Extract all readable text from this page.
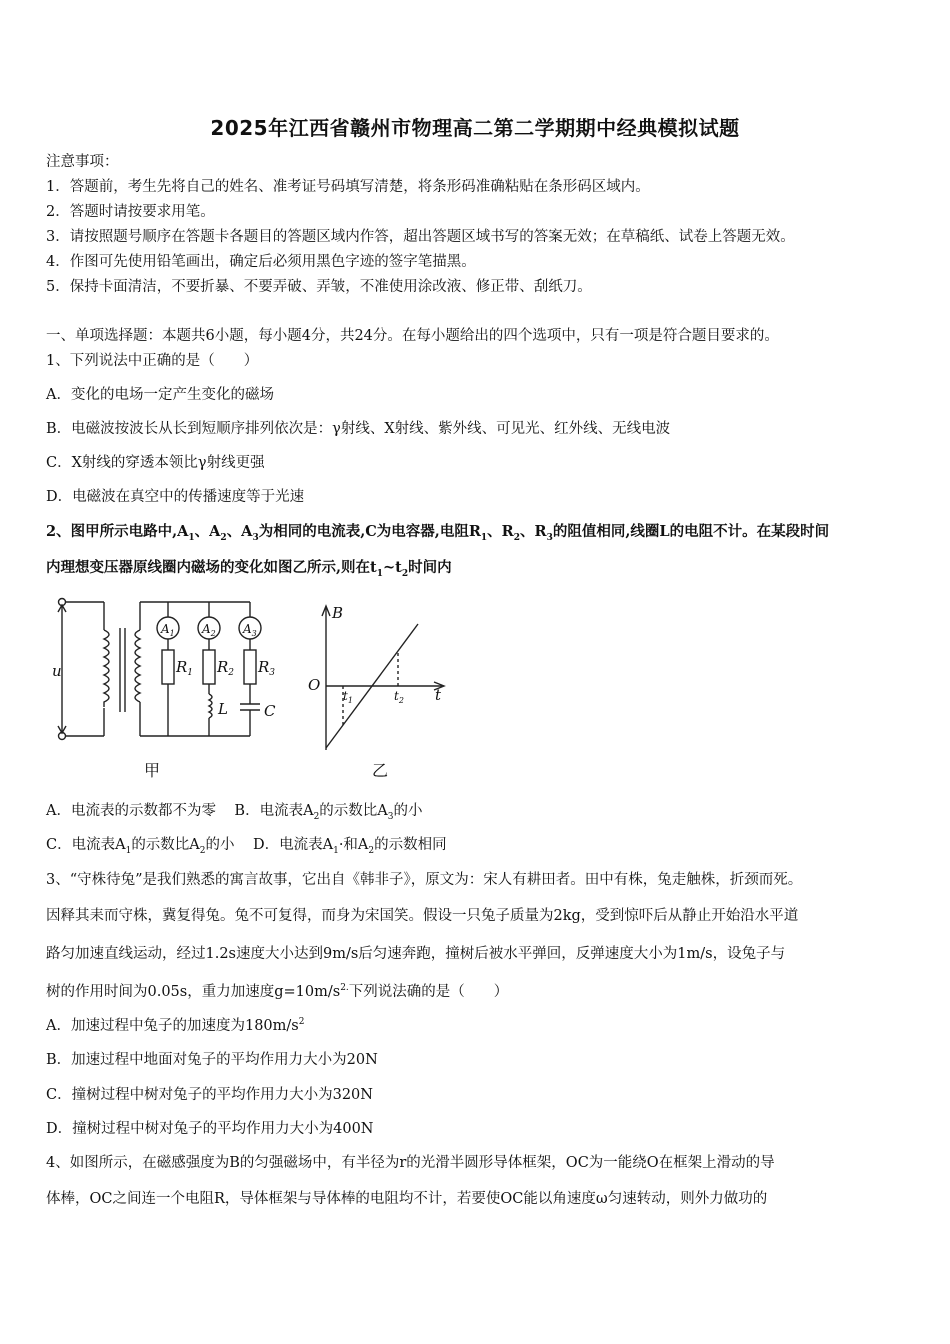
2025年江西省赣州市物理高二第二学期期中经典模拟试题
注意事项：
1．答题前，考生先将自己的姓名、准考证号码填写清楚，将条形码准确粘贴在条形码区域内。
2．答题时请按要求用笔。
3．请按照题号顺序在答题卡各题目的答题区域内作答，超出答题区域书写的答案无效；在草稿纸、试卷上答题无效。
4．作图可先使用铅笔画出，确定后必须用黑色字迹的签字笔描黑。
5．保持卡面清洁，不要折暴、不要弄破、弄皱，不准使用涂改液、修正带、刮纸刀。
一、单项选择题：本题共6小题，每小题4分，共24分。在每小题给出的四个选项中，只有一项是符合题目要求的。
1、下列说法中正确的是（　　）
A．变化的电场一定产生变化的磁场
B．电磁波按波长从长到短顺序排列依次是：γ射线、X射线、紫外线、可见光、红外线、无线电波
C．X射线的穿透本领比γ射线更强
D．电磁波在真空中的传播速度等于光速
2、图甲所示电路中$,A_1$、$A_2$、$A_3$为相同的电流表,C为电容器,电阻$R_1$、$R_2$、$R_3$的阻值相同,线圈L的电阻不计。在某段时间
内理想变压器原线圈内磁场的变化如图乙所示,则在$t_1\sim t_2$时间内
u
$A_1$ $A_2$ $A_3$
$R_1$ $R_2$ $R_3$
L C
B
O
$t_1$	$t_2$ t
甲	乙
A．电流表的示数都不为零 B．电流表$A_2$的示数比$A_3$的小
C．电流表$A_1$的示数比$A_2$的小 D．电流表$A_1\cdot$和$A_2$的示数相同
3、“守株待兔”是我们熟悉的寓言故事，它出自《韩非子》，原文为：宋人有耕田者。田中有株，兔走触株，折颈而死。
因释其耒而守株，冀复得兔。兔不可复得，而身为宋国笑。假设一只兔子质量为2kg，受到惊吓后从静止开始沿水平道
路匀加速直线运动，经过1.2s速度大小达到9m/s后匀速奔跑，撞树后被水平弹回，反弹速度大小为1m/s，设兔子与
树的作用时间为0.05s，重力加速度$g=10m/s^{2.}$下列说法确的是（　　）
A．加速过程中兔子的加速度为$180m/s^2$
B．加速过程中地面对兔子的平均作用力大小为20N
C．撞树过程中树对兔子的平均作用力大小为320N
D．撞树过程中树对兔子的平均作用力大小为400N
4、如图所示，在磁感强度为B的匀强磁场中，有半径为r的光滑半圆形导体框架，OC为一能绕O在框架上滑动的导
体棒，OC之间连一个电阻R，导体框架与导体棒的电阻均不计，若要使OC能以角速度ω匀速转动，则外力做功的
